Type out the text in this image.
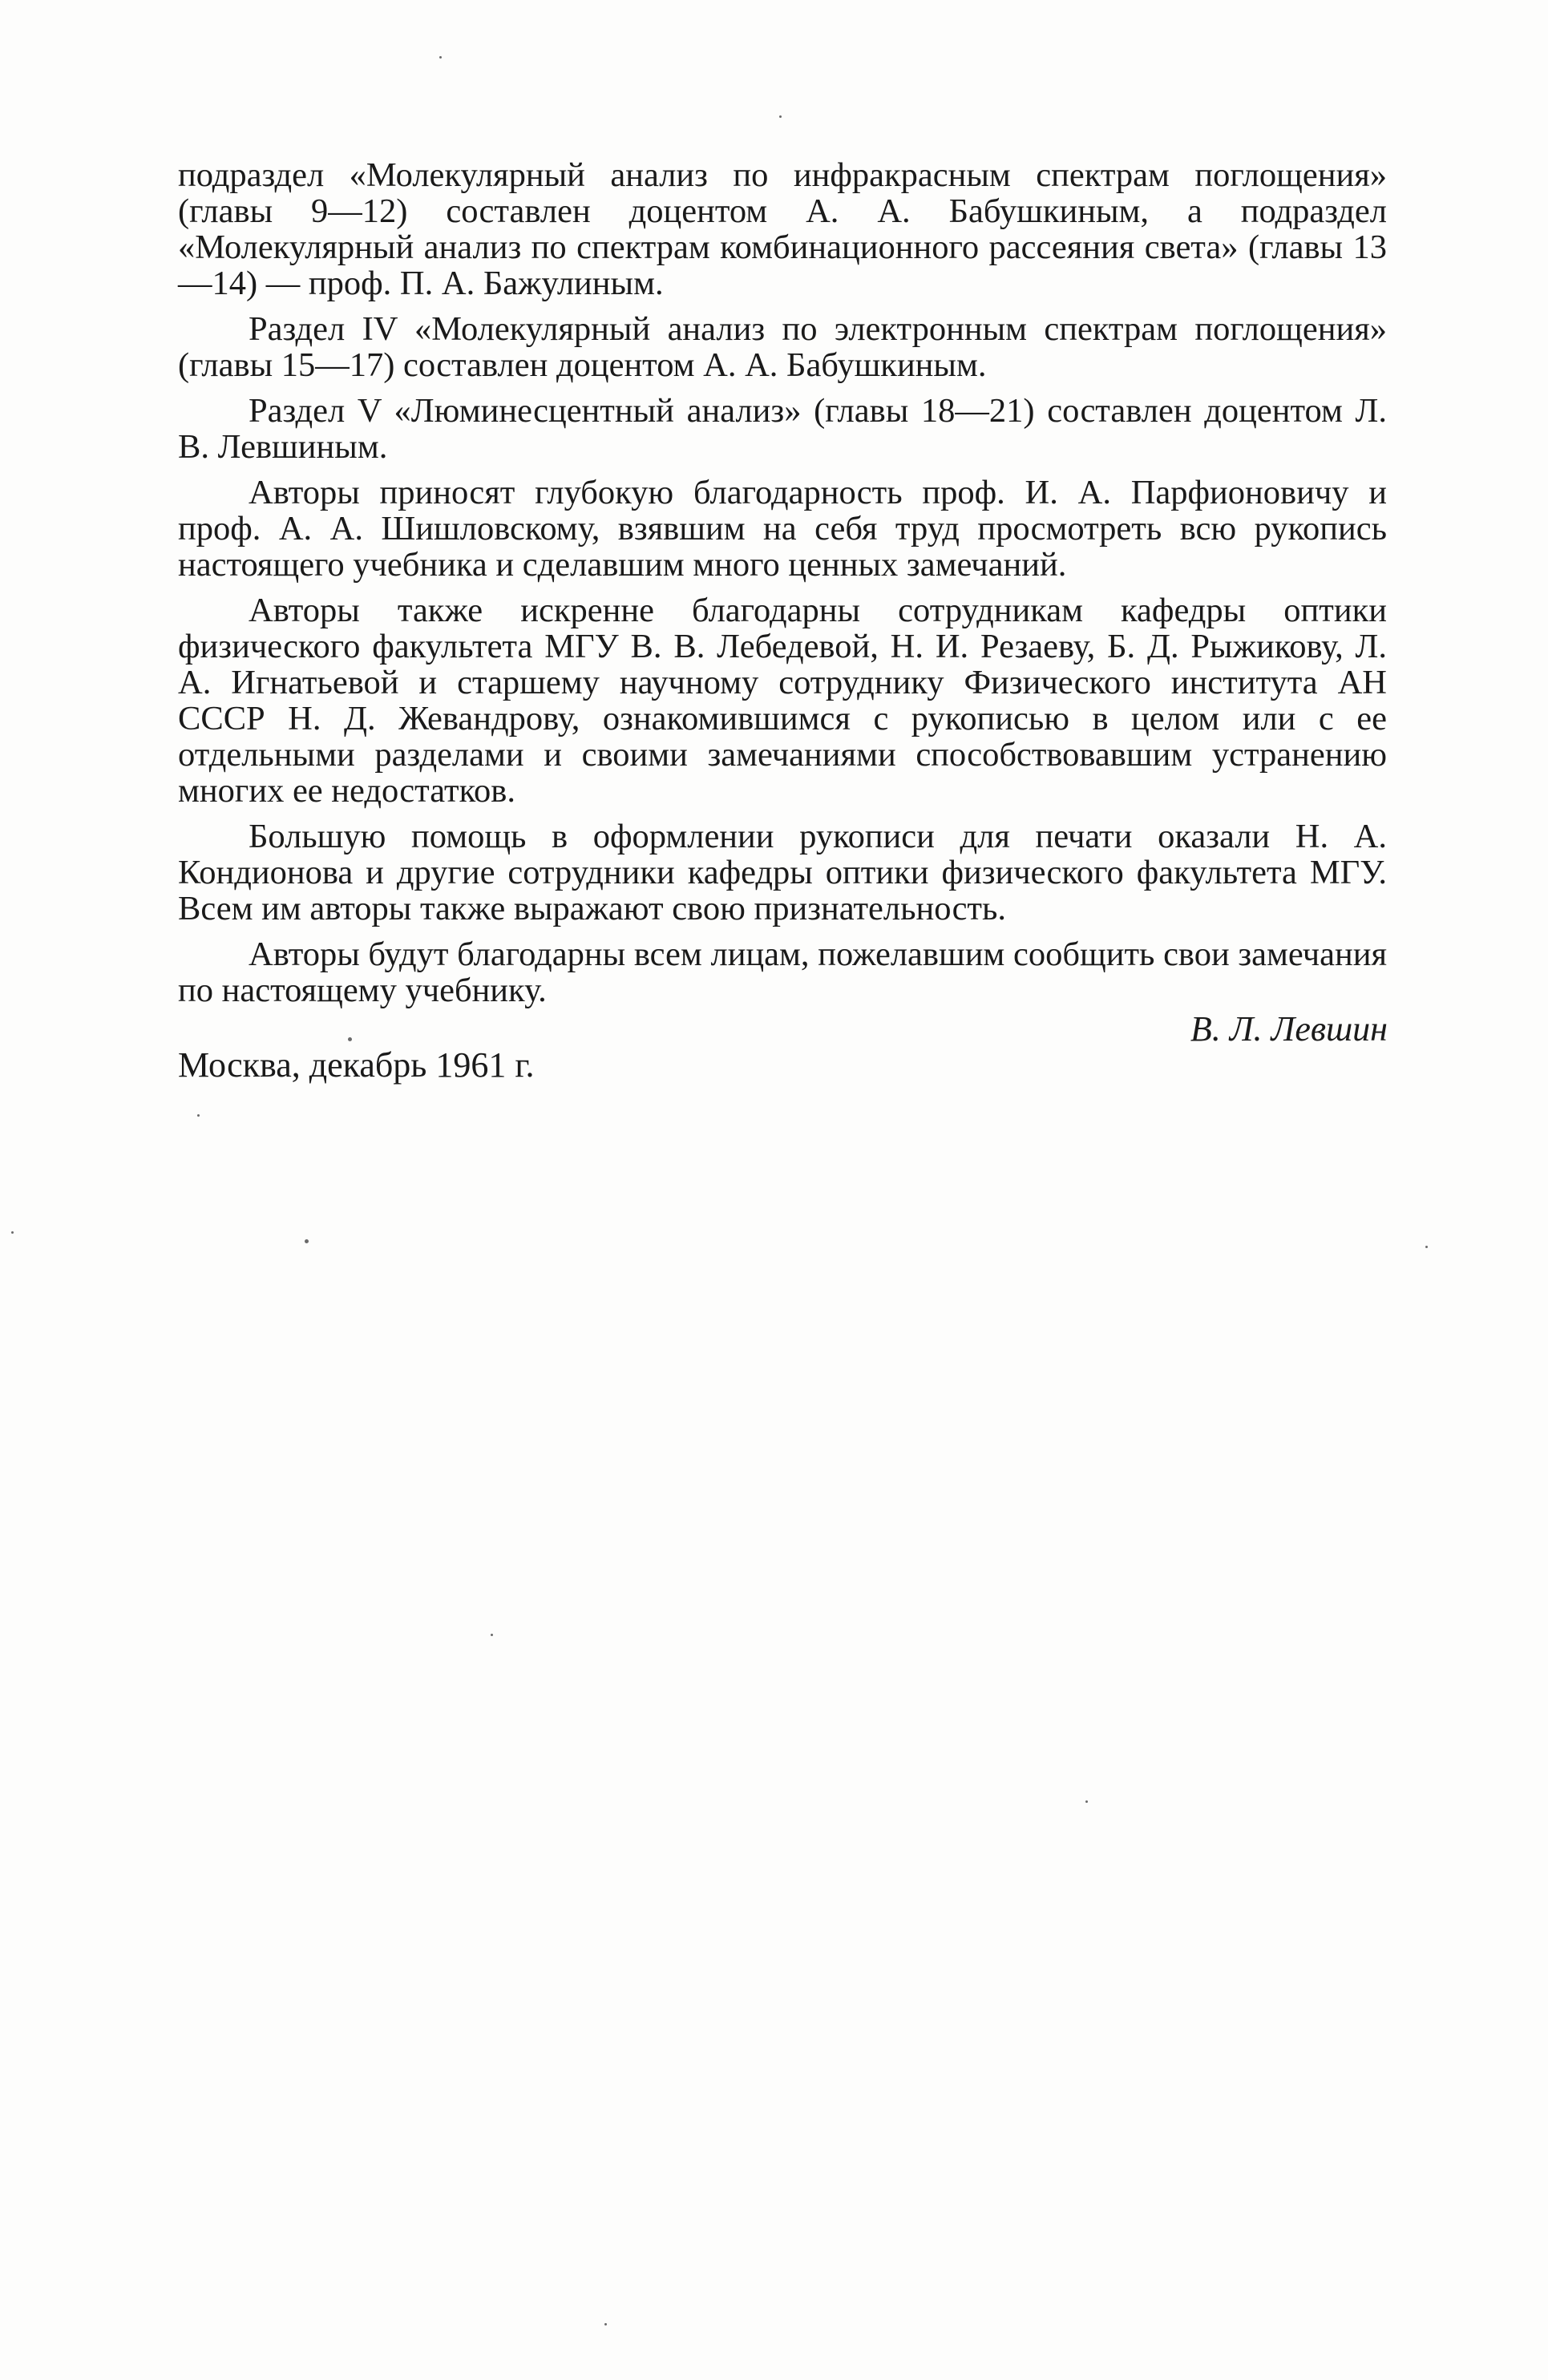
подраздел «Молекулярный анализ по инфракрасным спектрам поглощения» (главы 9—12) составлен доцентом А. А. Бабушкиным, а подраздел «Молекулярный анализ по спектрам комбинационного рассеяния света» (главы 13—14) — проф. П. А. Бажулиным.

Раздел IV «Молекулярный анализ по электронным спектрам поглощения» (главы 15—17) составлен доцентом А. А. Бабушкиным.

Раздел V «Люминесцентный анализ» (главы 18—21) составлен доцентом Л. В. Левшиным.

Авторы приносят глубокую благодарность проф. И. А. Парфионовичу и проф. А. А. Шишловскому, взявшим на себя труд просмотреть всю рукопись настоящего учебника и сделавшим много ценных замечаний.

Авторы также искренне благодарны сотрудникам кафедры оптики физического факультета МГУ В. В. Лебедевой, Н. И. Резаеву, Б. Д. Рыжикову, Л. А. Игнатьевой и старшему научному сотруднику Физического института АН СССР Н. Д. Жевандрову, ознакомившимся с рукописью в целом или с ее отдельными разделами и своими замечаниями способствовавшим устранению многих ее недостатков.

Большую помощь в оформлении рукописи для печати оказали Н. А. Кондионова и другие сотрудники кафедры оптики физического факультета МГУ. Всем им авторы также выражают свою признательность.

Авторы будут благодарны всем лицам, пожелавшим сообщить свои замечания по настоящему учебнику.

В. Л. Левшин
Москва, декабрь 1961 г.
